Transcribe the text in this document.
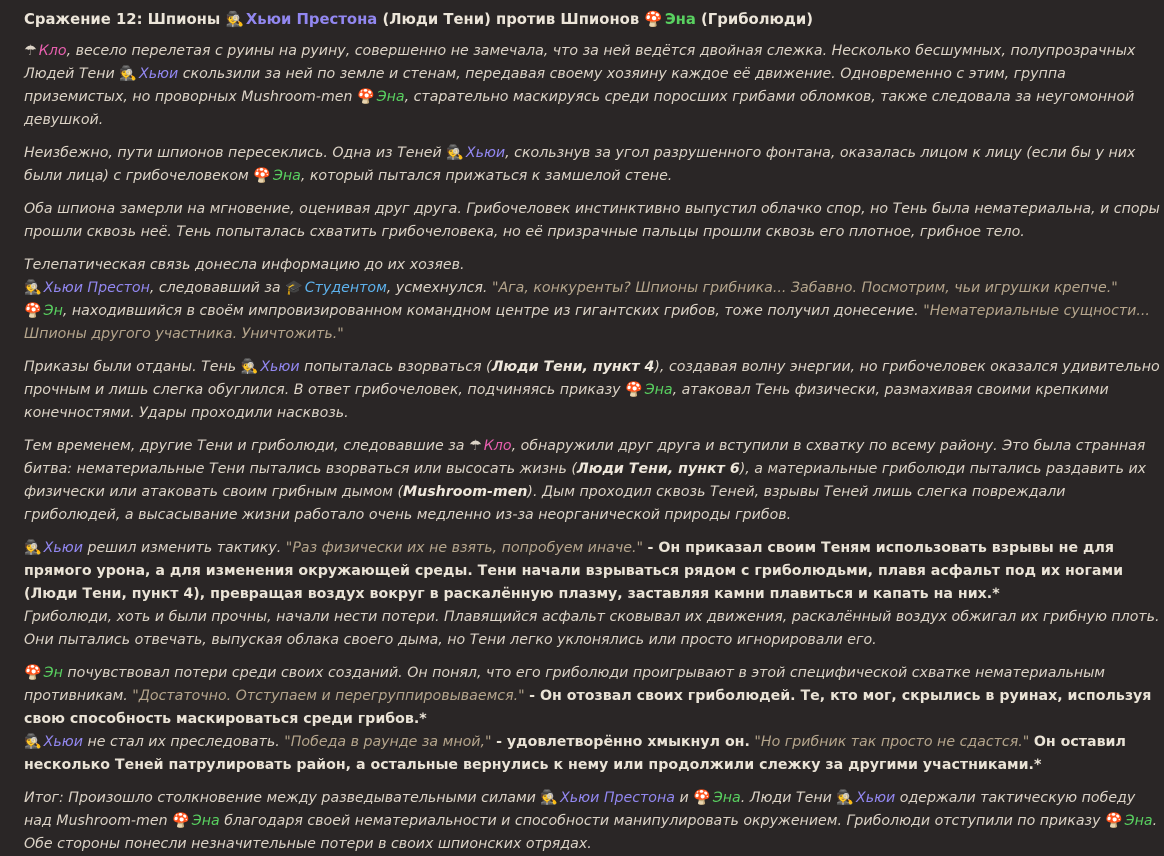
Сражение 12: Шпионы 🕵 Хьюи Престона (Люди Тени) против Шпионов 🍄 Эна (Грибoлюди)

☂ Кло, весело перелетая с руины на руину, совершенно не замечала, что за ней ведётся двойная слежка. Несколько бесшумных, полупрозрачных Людей Тени 🕵 Хьюи скользили за ней по земле и стенам, передавая своему хозяину каждое её движение. Одновременно с этим, группа приземистых, но проворных Mushroom-men 🍄 Эна, старательно маскируясь среди поросших грибами обломков, также следовала за неугомонной девушкой.

Неизбежно, пути шпионов пересеклись. Одна из Теней 🕵 Хьюи, скользнув за угол разрушенного фонтана, оказалась лицом к лицу (если бы у них были лица) с грибочеловеком 🍄 Эна, который пытался прижаться к замшелой стене.

Оба шпиона замерли на мгновение, оценивая друг друга. Грибочеловек инстинктивно выпустил облачко спор, но Тень была нематериальна, и споры прошли сквозь неё. Тень попыталась схватить грибочеловека, но её призрачные пальцы прошли сквозь его плотное, грибное тело.

Телепатическая связь донесла информацию до их хозяев.
🕵 Хьюи Престон, следовавший за 🎓 Студентом, усмехнулся. "Ага, конкуренты? Шпионы грибника... Забавно. Посмотрим, чьи игрушки крепче."
🍄 Эн, находившийся в своём импровизированном командном центре из гигантских грибов, тоже получил донесение. "Нематериальные сущности... Шпионы другого участника. Уничтожить."

Приказы были отданы. Тень 🕵 Хьюи попыталась взорваться (Люди Тени, пункт 4), создавая волну энергии, но грибочеловек оказался удивительно прочным и лишь слегка обуглился. В ответ грибочеловек, подчиняясь приказу 🍄 Эна, атаковал Тень физически, размахивая своими крепкими конечностями. Удары проходили насквозь.

Тем временем, другие Тени и грибoлюди, следовавшие за ☂ Кло, обнаружили друг друга и вступили в схватку по всему району. Это была странная битва: нематериальные Тени пытались взорваться или высосать жизнь (Люди Тени, пункт 6), а материальные грибoлюди пытались раздавить их физически или атаковать своим грибным дымом (Mushroom-men). Дым проходил сквозь Теней, взрывы Теней лишь слегка повреждали грибoлюдей, а высасывание жизни работало очень медленно из-за неорганической природы грибов.

🕵 Хьюи решил изменить тактику. "Раз физически их не взять, попробуем иначе." - Он приказал своим Теням использовать взрывы не для прямого урона, а для изменения окружающей среды. Тени начали взрываться рядом с грибoлюдьми, плавя асфальт под их ногами (Люди Тени, пункт 4), превращая воздух вокруг в раскалённую плазму, заставляя камни плавиться и капать на них.*
Грибoлюди, хоть и были прочны, начали нести потери. Плавящийся асфальт сковывал их движения, раскалённый воздух обжигал их грибную плоть. Они пытались отвечать, выпуская облака своего дыма, но Тени легко уклонялись или просто игнорировали его.

🍄 Эн почувствовал потери среди своих созданий. Он понял, что его грибoлюди проигрывают в этой специфической схватке нематериальным противникам. "Достаточно. Отступаем и перегруппировываемся." - Он отозвал своих грибoлюдей. Те, кто мог, скрылись в руинах, используя свою способность маскироваться среди грибов.*
🕵 Хьюи не стал их преследовать. "Победа в раунде за мной," - удовлетворённо хмыкнул он. "Но грибник так просто не сдастся." Он оставил несколько Теней патрулировать район, а остальные вернулись к нему или продолжили слежку за другими участниками.*

Итог: Произошло столкновение между разведывательными силами 🕵 Хьюи Престона и 🍄 Эна. Люди Тени 🕵 Хьюи одержали тактическую победу над Mushroom-men 🍄 Эна благодаря своей нематериальности и способности манипулировать окружением. Грибoлюди отступили по приказу 🍄 Эна. Обе стороны понесли незначительные потери в своих шпионских отрядах.
